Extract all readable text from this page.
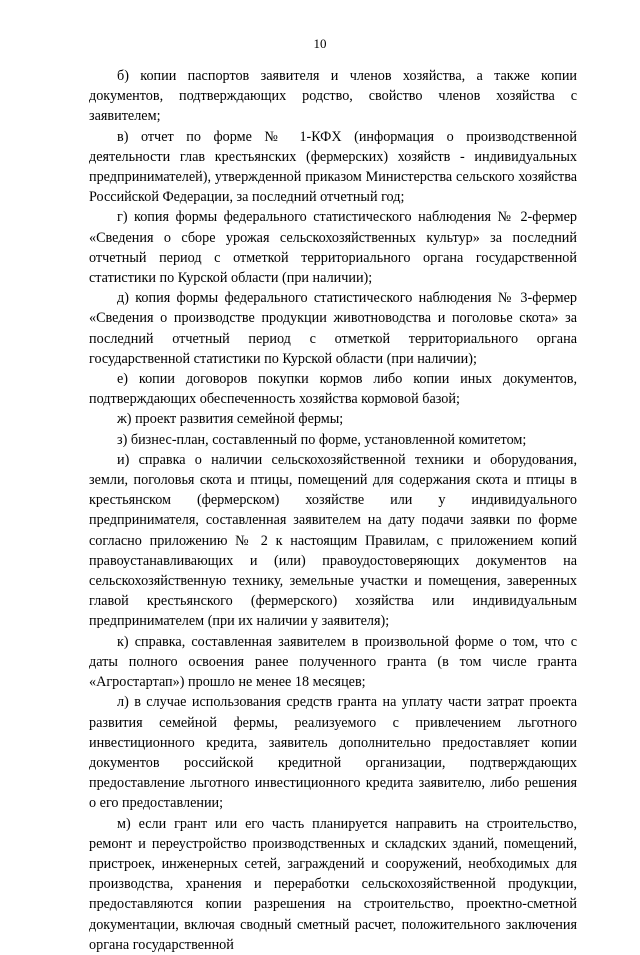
10

б) копии паспортов заявителя и членов хозяйства, а также копии документов, подтверждающих родство, свойство членов хозяйства с заявителем;

в) отчет по форме № 1-КФХ (информация о производственной деятельности глав крестьянских (фермерских) хозяйств - индивидуальных предпринимателей), утвержденной приказом Министерства сельского хозяйства Российской Федерации, за последний отчетный год;

г) копия формы федерального статистического наблюдения № 2-фермер «Сведения о сборе урожая сельскохозяйственных культур» за последний отчетный период с отметкой территориального органа государственной статистики по Курской области (при наличии);

д) копия формы федерального статистического наблюдения № 3-фермер «Сведения о производстве продукции животноводства и поголовье скота» за последний отчетный период с отметкой территориального органа государственной статистики по Курской области (при наличии);

е) копии договоров покупки кормов либо копии иных документов, подтверждающих обеспеченность хозяйства кормовой базой;

ж) проект развития семейной фермы;

з) бизнес-план, составленный по форме, установленной комитетом;

и) справка о наличии сельскохозяйственной техники и оборудования, земли, поголовья скота и птицы, помещений для содержания скота и птицы в крестьянском (фермерском) хозяйстве или у индивидуального предпринимателя, составленная заявителем на дату подачи заявки по форме согласно приложению № 2 к настоящим Правилам, с приложением копий правоустанавливающих и (или) правоудостоверяющих документов на сельскохозяйственную технику, земельные участки и помещения, заверенных главой крестьянского (фермерского) хозяйства или индивидуальным предпринимателем (при их наличии у заявителя);

к) справка, составленная заявителем в произвольной форме о том, что с даты полного освоения ранее полученного гранта (в том числе гранта «Агростартап») прошло не менее 18 месяцев;

л) в случае использования средств гранта на уплату части затрат проекта развития семейной фермы, реализуемого с привлечением льготного инвестиционного кредита, заявитель дополнительно предоставляет копии документов российской кредитной организации, подтверждающих предоставление льготного инвестиционного кредита заявителю, либо решения о его предоставлении;

м) если грант или его часть планируется направить на строительство, ремонт и переустройство производственных и складских зданий, помещений, пристроек, инженерных сетей, заграждений и сооружений, необходимых для производства, хранения и переработки сельскохозяйственной продукции, предоставляются копии разрешения на строительство, проектно-сметной документации, включая сводный сметный расчет, положительного заключения органа государственной
